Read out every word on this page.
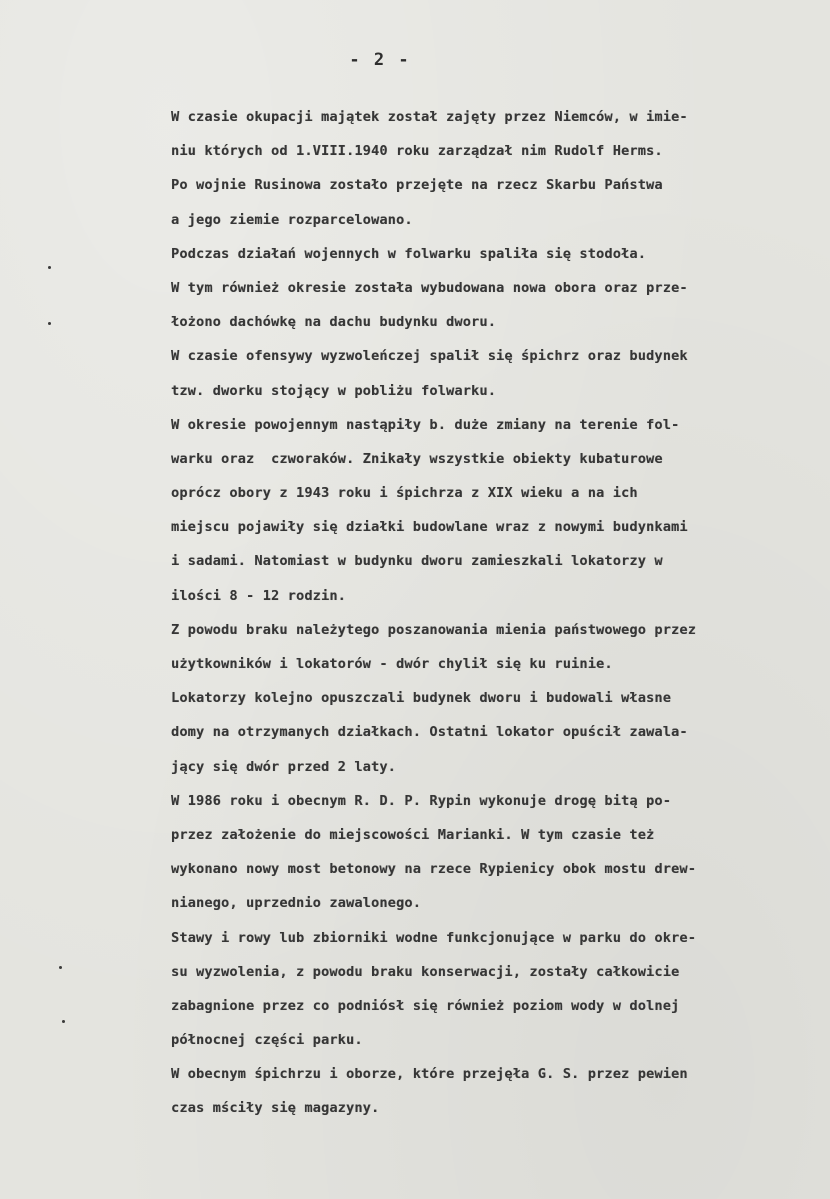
- 2 -
W czasie okupacji majątek został zajęty przez Niemców, w imie-
niu których od 1.VIII.1940 roku zarządzał nim Rudolf Herms.
Po wojnie Rusinowa zostało przejęte na rzecz Skarbu Państwa
a jego ziemie rozparcelowano.
Podczas działań wojennych w folwarku spaliła się stodoła.
W tym również okresie została wybudowana nowa obora oraz prze-
łożono dachówkę na dachu budynku dworu.
W czasie ofensywy wyzwoleńczej spalił się śpichrz oraz budynek
tzw. dworku stojący w pobliżu folwarku.
W okresie powojennym nastąpiły b. duże zmiany na terenie fol-
warku oraz  czworaków. Znikały wszystkie obiekty kubaturowe
oprócz obory z 1943 roku i śpichrza z XIX wieku a na ich
miejscu pojawiły się działki budowlane wraz z nowymi budynkami
i sadami. Natomiast w budynku dworu zamieszkali lokatorzy w
ilości 8 - 12 rodzin.
Z powodu braku należytego poszanowania mienia państwowego przez
użytkowników i lokatorów - dwór chylił się ku ruinie.
Lokatorzy kolejno opuszczali budynek dworu i budowali własne
domy na otrzymanych działkach. Ostatni lokator opuścił zawala-
jący się dwór przed 2 laty.
W 1986 roku i obecnym R. D. P. Rypin wykonuje drogę bitą po-
przez założenie do miejscowości Marianki. W tym czasie też
wykonano nowy most betonowy na rzece Rypienicy obok mostu drew-
nianego, uprzednio zawalonego.
Stawy i rowy lub zbiorniki wodne funkcjonujące w parku do okre-
su wyzwolenia, z powodu braku konserwacji, zostały całkowicie
zabagnione przez co podniósł się również poziom wody w dolnej
północnej części parku.
W obecnym śpichrzu i oborze, które przejęła G. S. przez pewien
czas mściły się magazyny.
